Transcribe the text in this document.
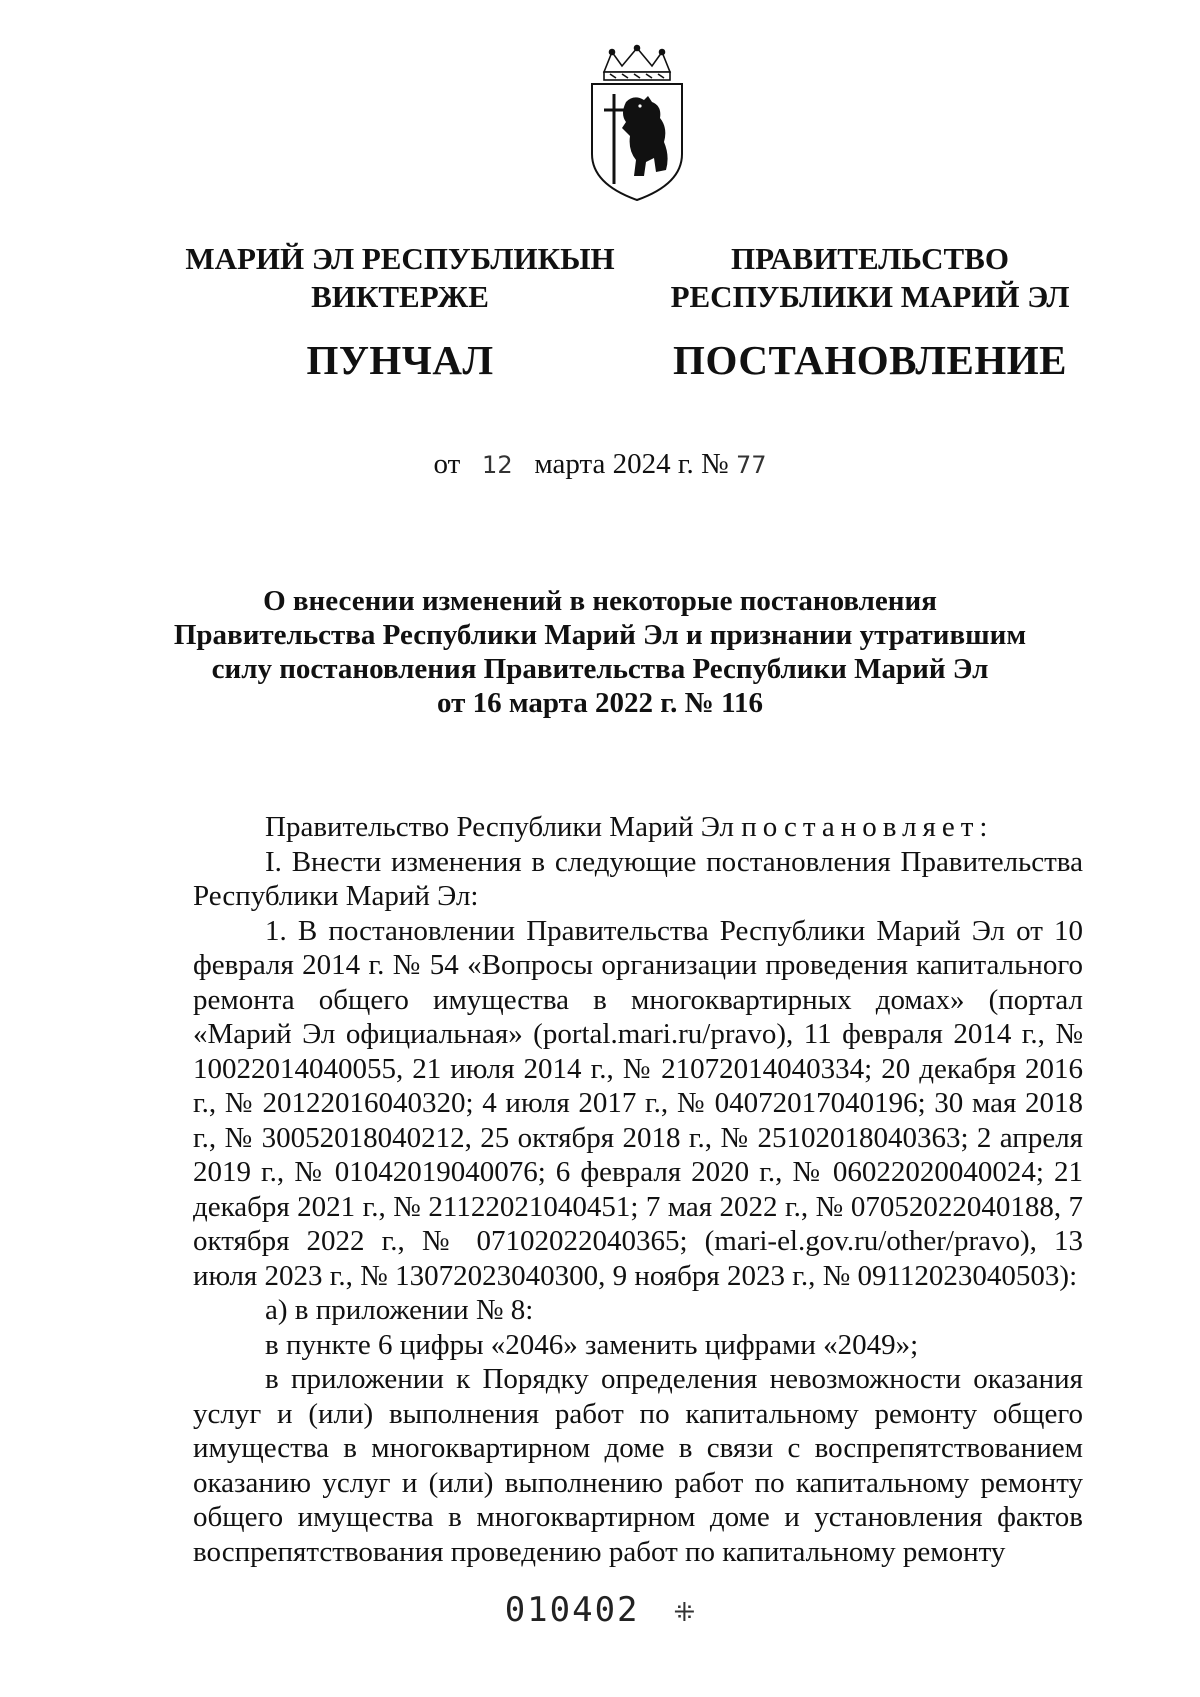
МАРИЙ ЭЛ РЕСПУБЛИКЫН
ВИКТЕРЖЕ
ПУНЧАЛ
ПРАВИТЕЛЬСТВО
РЕСПУБЛИКИ МАРИЙ ЭЛ
ПОСТАНОВЛЕНИЕ
от 12 марта 2024 г. № 77
О внесении изменений в некоторые постановления
Правительства Республики Марий Эл и признании утратившим
силу постановления Правительства Республики Марий Эл
от 16 марта 2022 г. № 116

Правительство Республики Марий Эл постановляет:

I. Внести изменения в следующие постановления Правительства Республики Марий Эл:

1. В постановлении Правительства Республики Марий Эл от 10 февраля 2014 г. № 54 «Вопросы организации проведения капитального ремонта общего имущества в многоквартирных домах» (портал «Марий Эл официальная» (portal.mari.ru/pravo), 11 февраля 2014 г., № 10022014040055, 21 июля 2014 г., № 21072014040334; 20 декабря 2016 г., № 20122016040320; 4 июля 2017 г., № 04072017040196; 30 мая 2018 г., № 30052018040212, 25 октября 2018 г., № 25102018040363; 2 апреля 2019 г., № 01042019040076; 6 февраля 2020 г., № 06022020040024; 21 декабря 2021 г., № 21122021040451; 7 мая 2022 г., № 07052022040188, 7 октября 2022 г., № 07102022040365; (mari-el.gov.ru/other/pravo), 13 июля 2023 г., № 13072023040300, 9 ноября 2023 г., № 09112023040503):

а) в приложении № 8:

в пункте 6 цифры «2046» заменить цифрами «2049»;

в приложении к Порядку определения невозможности оказания услуг и (или) выполнения работ по капитальному ремонту общего имущества в многоквартирном доме в связи с воспрепятствованием оказанию услуг и (или) выполнению работ по капитальному ремонту общего имущества в многоквартирном доме и установления фактов воспрепятствования проведению работ по капитальному ремонту

010402 ⁜
